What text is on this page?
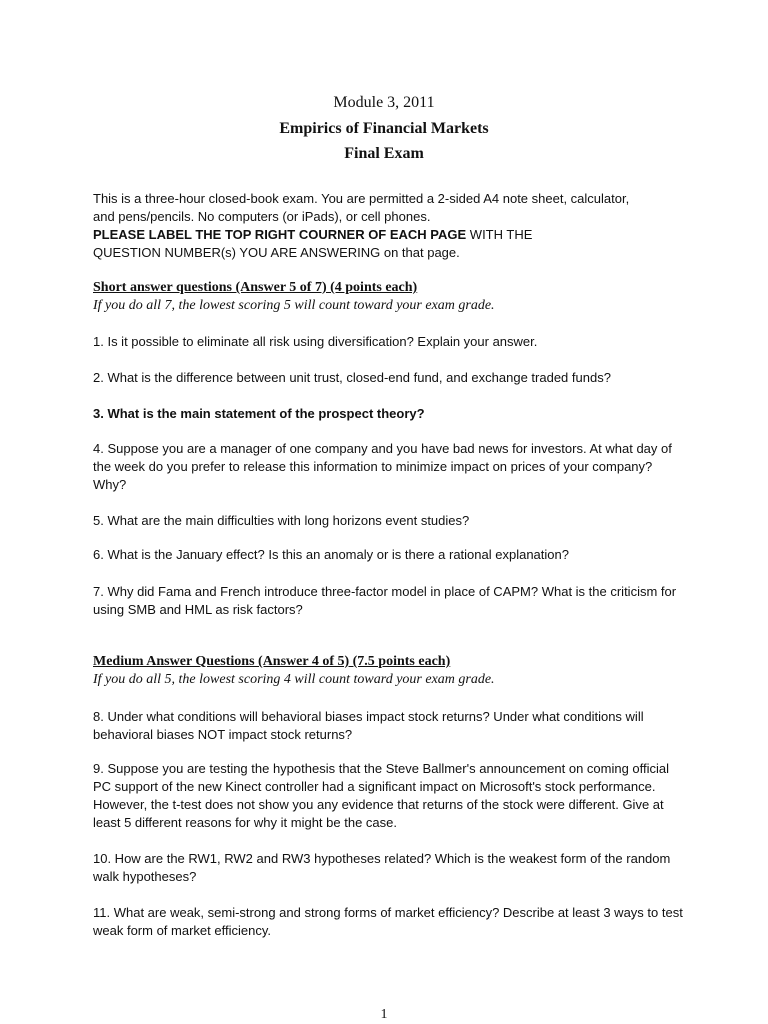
Module 3, 2011
Empirics of Financial Markets
Final Exam
This is a three-hour closed-book exam. You are permitted a 2-sided A4 note sheet, calculator,
and pens/pencils. No computers (or iPads), or cell phones.
PLEASE LABEL THE TOP RIGHT COURNER OF EACH PAGE WITH THE
QUESTION NUMBER(s) YOU ARE ANSWERING on that page.
Short answer questions (Answer 5 of 7) (4 points each)
If you do all 7, the lowest scoring 5 will count toward your exam grade.
1. Is it possible to eliminate all risk using diversification? Explain your answer.
2. What is the difference between unit trust, closed-end fund, and exchange traded funds?
3. What is the main statement of the prospect theory?
4. Suppose you are a manager of one company and you have bad news for investors. At what day of the week do you prefer to release this information to minimize impact on prices of your company? Why?
5. What are the main difficulties with long horizons event studies?
6. What is the January effect? Is this an anomaly or is there a rational explanation?
7. Why did Fama and French introduce three-factor model in place of CAPM? What is the criticism for using SMB and HML as risk factors?
Medium Answer Questions (Answer 4 of 5) (7.5 points each)
If you do all 5, the lowest scoring 4 will count toward your exam grade.
8. Under what conditions will behavioral biases impact stock returns? Under what conditions will behavioral biases NOT impact stock returns?
9. Suppose you are testing the hypothesis that the Steve Ballmer's announcement on coming official PC support of the new Kinect controller had a significant impact on Microsoft's stock performance. However, the t-test does not show you any evidence that returns of the stock were different. Give at least 5 different reasons for why it might be the case.
10. How are the RW1, RW2 and RW3 hypotheses related? Which is the weakest form of the random walk hypotheses?
11. What are weak, semi-strong and strong forms of market efficiency? Describe at least 3 ways to test weak form of market efficiency.
1
